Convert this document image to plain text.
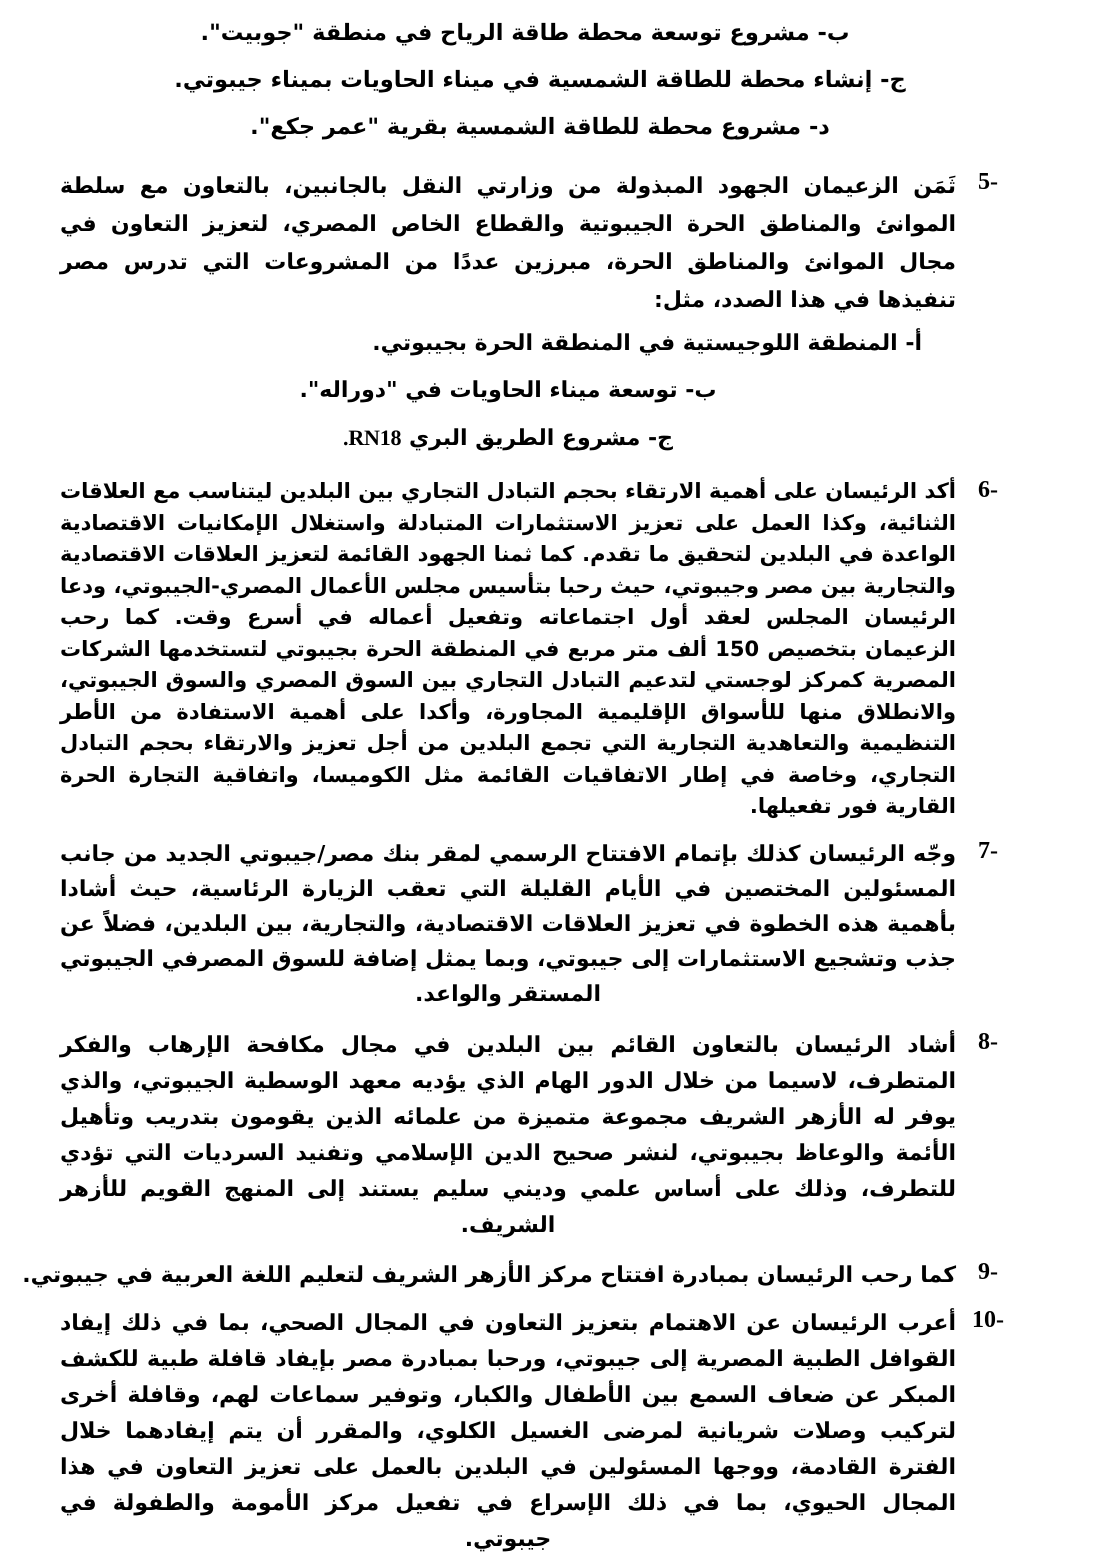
ب- مشروع توسعة محطة طاقة الرياح في منطقة "جوبيت".
ج- إنشاء محطة للطاقة الشمسية في ميناء الحاويات بميناء جيبوتي.
د- مشروع محطة للطاقة الشمسية بقرية "عمر جكع".
5-

ثَمَن الزعيمان الجهود المبذولة من وزارتي النقل بالجانبين، بالتعاون مع سلطة الموانئ والمناطق الحرة الجيبوتية والقطاع الخاص المصري، لتعزيز التعاون في مجال الموانئ والمناطق الحرة، مبرزين عددًا من المشروعات التي تدرس مصر تنفيذها في هذا الصدد، مثل:

أ- المنطقة اللوجيستية في المنطقة الحرة بجيبوتي.
ب- توسعة ميناء الحاويات في "دوراله".
ج- مشروع الطريق البري RN18.
6-

أكد الرئيسان على أهمية الارتقاء بحجم التبادل التجاري بين البلدين ليتناسب مع العلاقات الثنائية، وكذا العمل على تعزيز الاستثمارات المتبادلة واستغلال الإمكانيات الاقتصادية الواعدة في البلدين لتحقيق ما تقدم. كما ثمنا الجهود القائمة لتعزيز العلاقات الاقتصادية والتجارية بين مصر وجيبوتي، حيث رحبا بتأسيس مجلس الأعمال المصري-الجيبوتي، ودعا الرئيسان المجلس لعقد أول اجتماعاته وتفعيل أعماله في أسرع وقت. كما رحب الزعيمان بتخصيص 150 ألف متر مربع في المنطقة الحرة بجيبوتي لتستخدمها الشركات المصرية كمركز لوجستي لتدعيم التبادل التجاري بين السوق المصري والسوق الجيبوتي، والانطلاق منها للأسواق الإقليمية المجاورة، وأكدا على أهمية الاستفادة من الأطر التنظيمية والتعاهدية التجارية التي تجمع البلدين من أجل تعزيز والارتقاء بحجم التبادل التجاري، وخاصة في إطار الاتفاقيات القائمة مثل الكوميسا، واتفاقية التجارة الحرة القارية فور تفعيلها.

7-

وجّه الرئيسان كذلك بإتمام الافتتاح الرسمي لمقر بنك مصر/جيبوتي الجديد من جانب المسئولين المختصين في الأيام القليلة التي تعقب الزيارة الرئاسية، حيث أشادا بأهمية هذه الخطوة في تعزيز العلاقات الاقتصادية، والتجارية، بين البلدين، فضلاً عن جذب وتشجيع الاستثمارات إلى جيبوتي، وبما يمثل إضافة للسوق المصرفي الجيبوتي المستقر والواعد.

8-

أشاد الرئيسان بالتعاون القائم بين البلدين في مجال مكافحة الإرهاب والفكر المتطرف، لاسيما من خلال الدور الهام الذي يؤديه معهد الوسطية الجيبوتي، والذي يوفر له الأزهر الشريف مجموعة متميزة من علمائه الذين يقومون بتدريب وتأهيل الأئمة والوعاظ بجيبوتي، لنشر صحيح الدين الإسلامي وتفنيد السرديات التي تؤدي للتطرف، وذلك على أساس علمي وديني سليم يستند إلى المنهج القويم للأزهر الشريف.

9-

كما رحب الرئيسان بمبادرة افتتاح مركز الأزهر الشريف لتعليم اللغة العربية في جيبوتي.

10-

أعرب الرئيسان عن الاهتمام بتعزيز التعاون في المجال الصحي، بما في ذلك إيفاد القوافل الطبية المصرية إلى جيبوتي، ورحبا بمبادرة مصر بإيفاد قافلة طبية للكشف المبكر عن ضعاف السمع بين الأطفال والكبار، وتوفير سماعات لهم، وقافلة أخرى لتركيب وصلات شريانية لمرضى الغسيل الكلوي، والمقرر أن يتم إيفادهما خلال الفترة القادمة، ووجها المسئولين في البلدين بالعمل على تعزيز التعاون في هذا المجال الحيوي، بما في ذلك الإسراع في تفعيل مركز الأمومة والطفولة في جيبوتي.
